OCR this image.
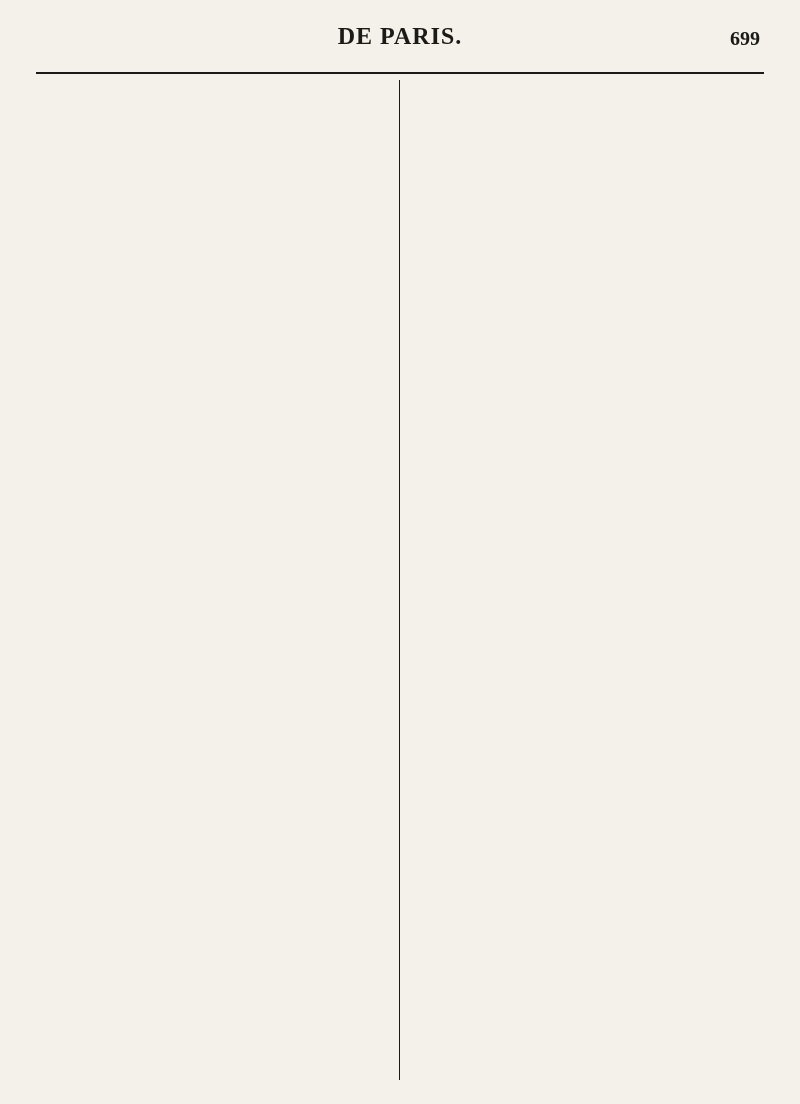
DE PARIS.	699
